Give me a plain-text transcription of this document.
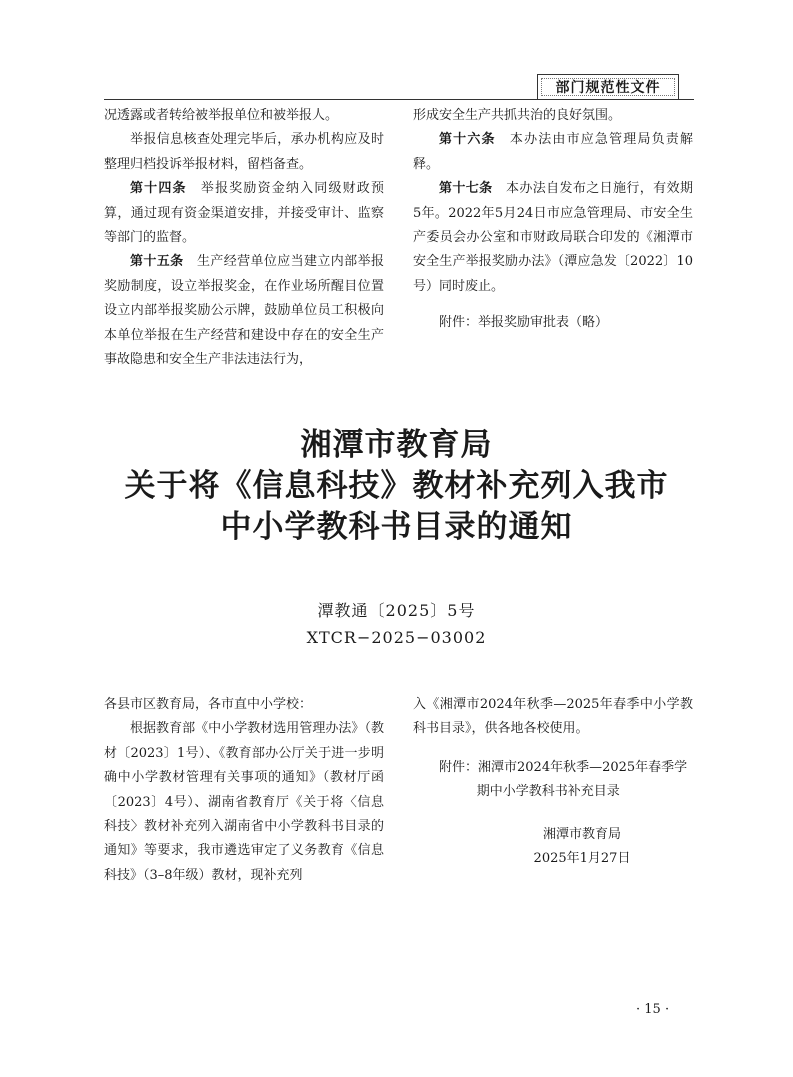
部门规范性文件

况透露或者转给被举报单位和被举报人。

举报信息核查处理完毕后，承办机构应及时整理归档投诉举报材料，留档备查。

第十四条　 举报奖励资金纳入同级财政预算，通过现有资金渠道安排，并接受审计、监察等部门的监督。

第十五条　 生产经营单位应当建立内部举报奖励制度，设立举报奖金，在作业场所醒目位置设立内部举报奖励公示牌，鼓励单位员工积极向本单位举报在生产经营和建设中存在的安全生产事故隐患和安全生产非法违法行为，

形成安全生产共抓共治的良好氛围。

第十六条　 本办法由市应急管理局负责解释。

第十七条　 本办法自发布之日施行，有效期5年。2022年5月24日市应急管理局、市安全生产委员会办公室和市财政局联合印发的《湘潭市安全生产举报奖励办法》（潭应急发〔2022〕10号）同时废止。

附件：举报奖励审批表（略）

湘潭市教育局
关于将《信息科技》教材补充列入我市
中小学教科书目录的通知
潭教通〔2025〕5号
XTCR−2025−03002

各县市区教育局，各市直中小学校：

根据教育部《中小学教材选用管理办法》（教材〔2023〕1号）、《教育部办公厅关于进一步明确中小学教材管理有关事项的通知》（教材厅函〔2023〕4号）、湖南省教育厅《关于将〈信息科技〉教材补充列入湖南省中小学教科书目录的通知》等要求，我市遴选审定了义务教育《信息科技》（3–8年级）教材，现补充列

入《湘潭市2024年秋季—2025年春季中小学教科书目录》，供各地各校使用。

附件：湘潭市2024年秋季—2025年春季学

期中小学教科书补充目录

湘潭市教育局
2025年1月27日
· 15 ·
